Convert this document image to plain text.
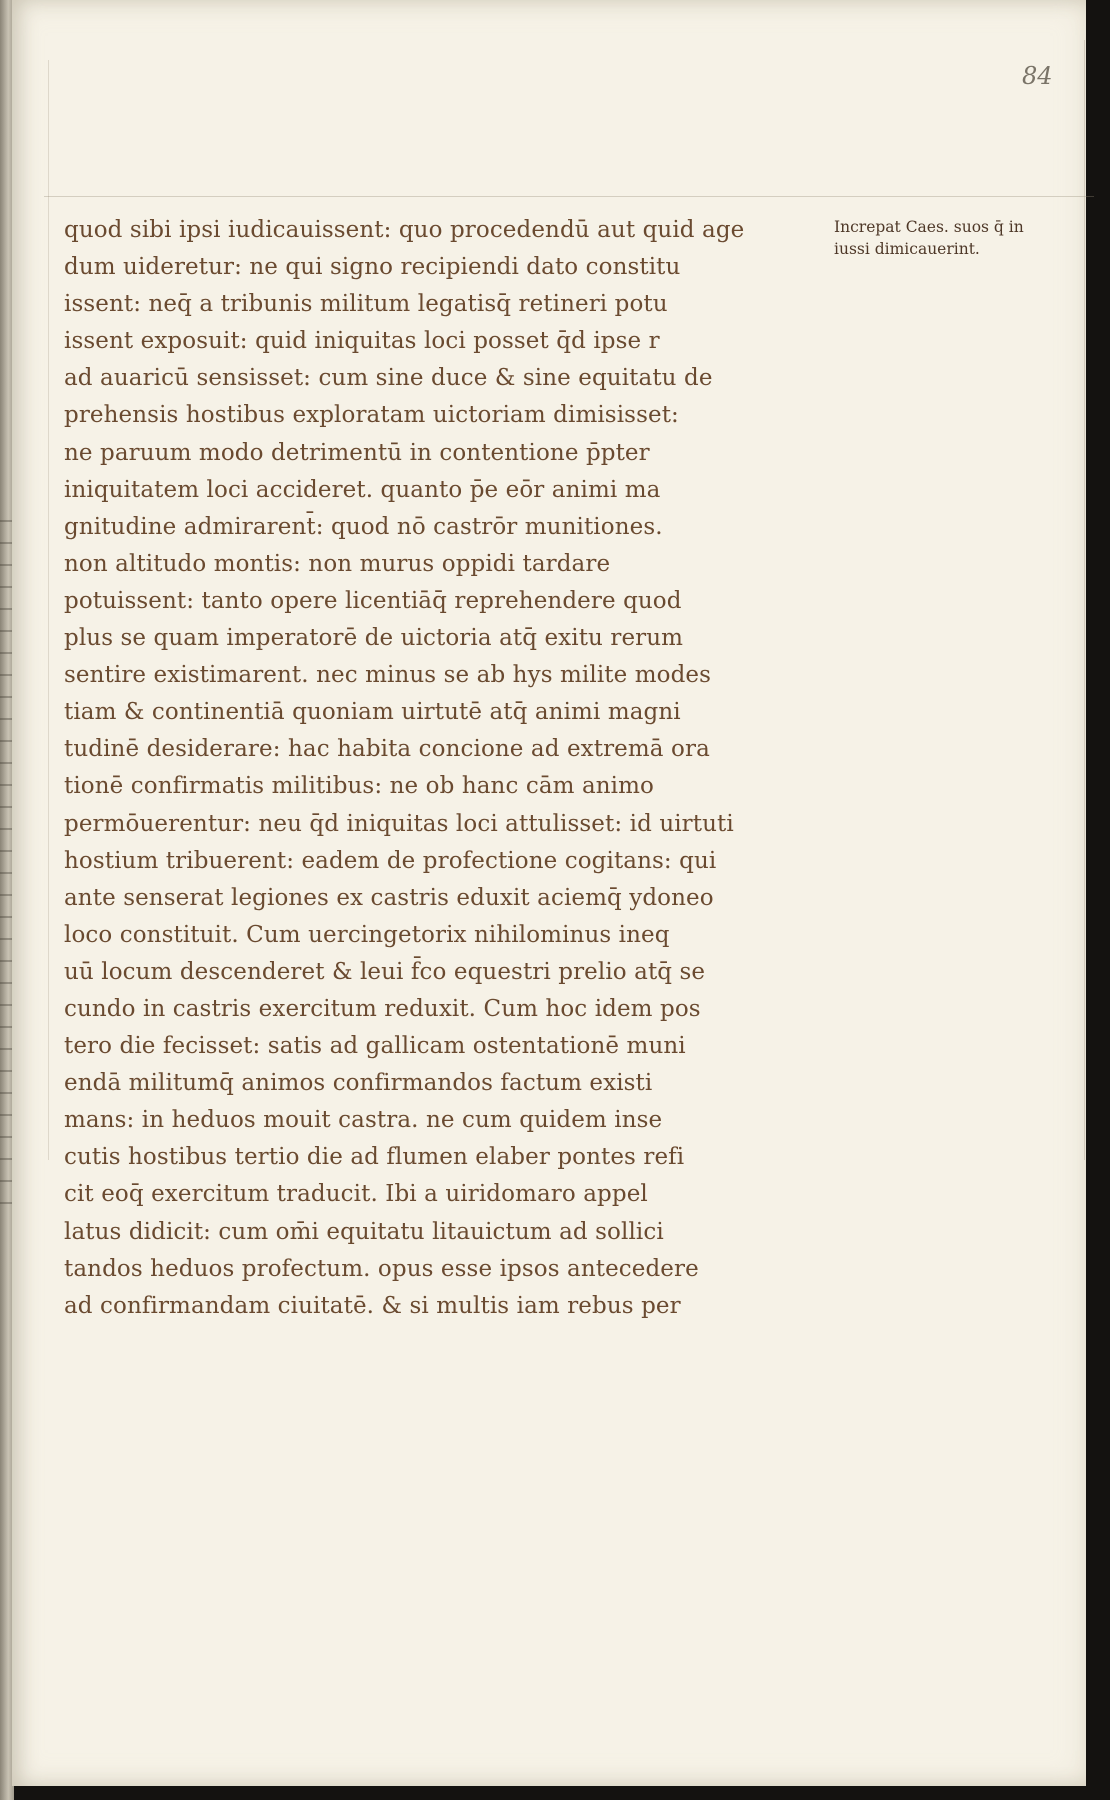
84
quod sibi ipsi iudicauissent: quo procedendū aut quid age
dum uideretur: ne qui signo recipiendi dato constitu
issent: neq̄ a tribunis militum legatisq̄ retineri potu
issent exposuit: quid iniquitas loci posset q̄d ipse r
ad auaricū sensisset: cum sine duce & sine equitatu de
prehensis hostibus exploratam uictoriam dimisisset:
ne paruum modo detrimentū in contentione p̄pter
iniquitatem loci accideret. quanto p̄e eōr animi ma
gnitudine admirarent̄: quod nō castrōr munitiones.
non altitudo montis: non murus oppidi tardare
potuissent: tanto opere licentiāq̄ reprehendere quod
plus se quam imperatorē de uictoria atq̄ exitu rerum
sentire existimarent. nec minus se ab hys milite modes
tiam & continentiā quoniam uirtutē atq̄ animi magni
tudinē desiderare: hac habita concione ad extremā ora
tionē confirmatis militibus: ne ob hanc cām animo
permōuerentur: neu q̄d iniquitas loci attulisset: id uirtuti
hostium tribuerent: eadem de profectione cogitans: qui
ante senserat legiones ex castris eduxit aciemq̄ ydoneo
loco constituit. Cum uercingetorix nihilominus ineq
uū locum descenderet & leui f̄co equestri prelio atq̄ se
cundo in castris exercitum reduxit. Cum hoc idem pos
tero die fecisset: satis ad gallicam ostentationē muni
endā militumq̄ animos confirmandos factum existi
mans: in heduos mouit castra. ne cum quidem inse
cutis hostibus tertio die ad flumen elaber pontes refi
cit eoq̄ exercitum traducit. Ibi a uiridomaro appel
latus didicit: cum om̄i equitatu litauictum ad sollici
tandos heduos profectum. opus esse ipsos antecedere
ad confirmandam ciuitatē. & si multis iam rebus per
Increpat Caes. suos q̄ in
iussi dimicauerint.
